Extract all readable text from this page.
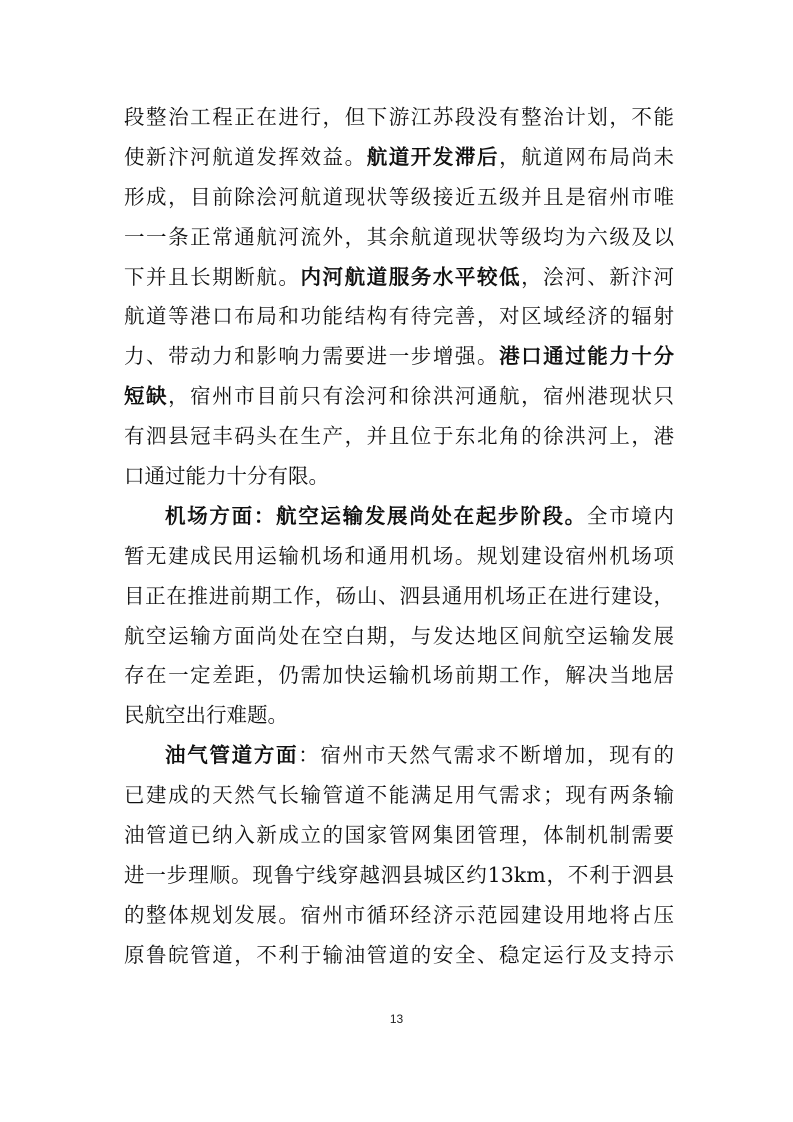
段整治工程正在进行，但下游江苏段没有整治计划，不能
使新汴河航道发挥效益。航道开发滞后，航道网布局尚未
形成，目前除浍河航道现状等级接近五级并且是宿州市唯
一一条正常通航河流外，其余航道现状等级均为六级及以
下并且长期断航。内河航道服务水平较低，浍河、新汴河
航道等港口布局和功能结构有待完善，对区域经济的辐射
力、带动力和影响力需要进一步增强。港口通过能力十分
短缺，宿州市目前只有浍河和徐洪河通航，宿州港现状只
有泗县冠丰码头在生产，并且位于东北角的徐洪河上，港
口通过能力十分有限。
机场方面：航空运输发展尚处在起步阶段。全市境内
暂无建成民用运输机场和通用机场。规划建设宿州机场项
目正在推进前期工作，砀山、泗县通用机场正在进行建设，
航空运输方面尚处在空白期，与发达地区间航空运输发展
存在一定差距，仍需加快运输机场前期工作，解决当地居
民航空出行难题。
油气管道方面：宿州市天然气需求不断增加，现有的
已建成的天然气长输管道不能满足用气需求；现有两条输
油管道已纳入新成立的国家管网集团管理，体制机制需要
进一步理顺。现鲁宁线穿越泗县城区约13km，不利于泗县
的整体规划发展。宿州市循环经济示范园建设用地将占压
原鲁皖管道，不利于输油管道的安全、稳定运行及支持示
13
